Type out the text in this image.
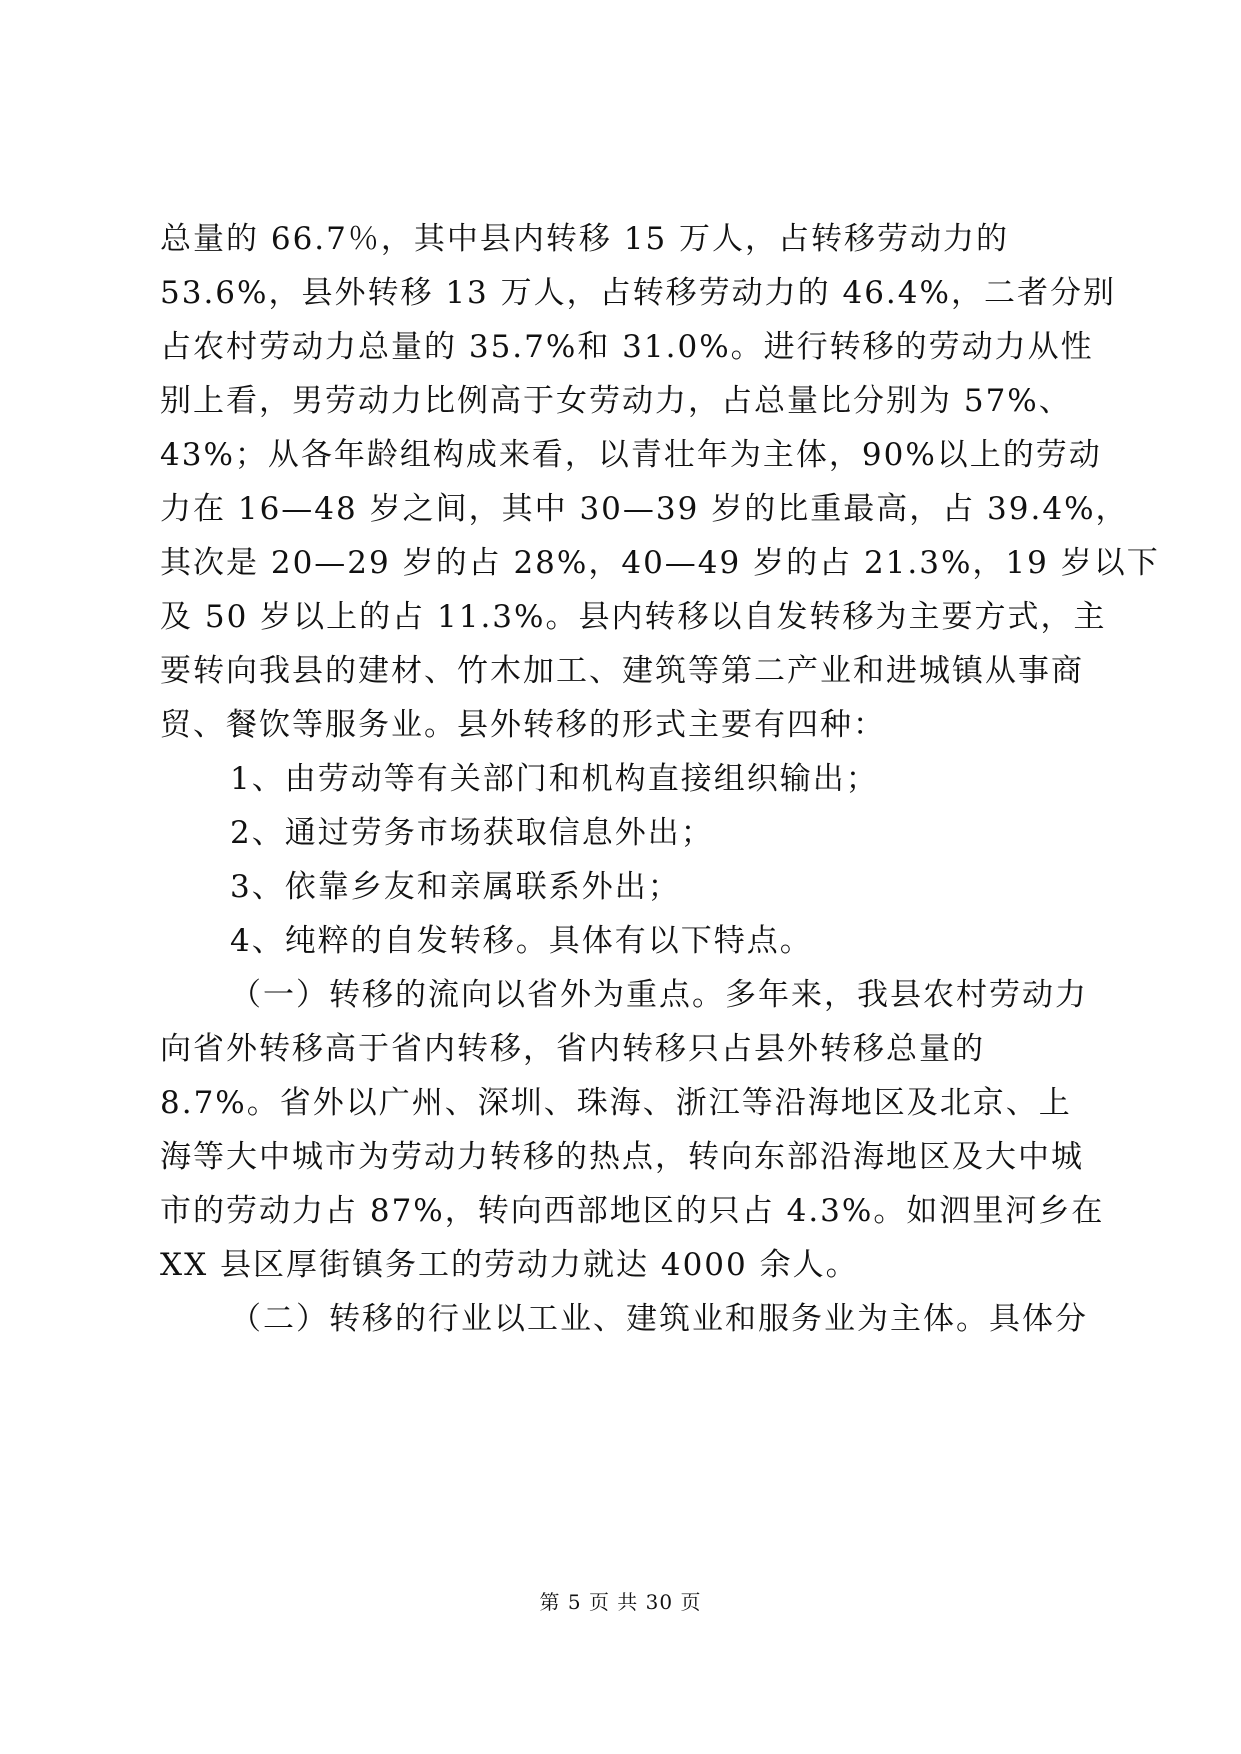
总量的 66.7％，其中县内转移 15 万人，占转移劳动力的
53.6%，县外转移 13 万人，占转移劳动力的 46.4%，二者分别
占农村劳动力总量的 35.7%和 31.0%。进行转移的劳动力从性
别上看，男劳动力比例高于女劳动力，占总量比分别为 57%、
43%；从各年龄组构成来看，以青壮年为主体，90%以上的劳动
力在 16—48 岁之间，其中 30—39 岁的比重最高，占 39.4%，
其次是 20—29 岁的占 28%，40—49 岁的占 21.3%，19 岁以下
及 50 岁以上的占 11.3%。县内转移以自发转移为主要方式，主
要转向我县的建材、竹木加工、建筑等第二产业和进城镇从事商
贸、餐饮等服务业。县外转移的形式主要有四种：
1、由劳动等有关部门和机构直接组织输出；
2、通过劳务市场获取信息外出；
3、依靠乡友和亲属联系外出；
4、纯粹的自发转移。具体有以下特点。
（一）转移的流向以省外为重点。多年来，我县农村劳动力
向省外转移高于省内转移，省内转移只占县外转移总量的
8.7%。省外以广州、深圳、珠海、浙江等沿海地区及北京、上
海等大中城市为劳动力转移的热点，转向东部沿海地区及大中城
市的劳动力占 87%，转向西部地区的只占 4.3%。如泗里河乡在
XX 县区厚街镇务工的劳动力就达 4000 余人。
（二）转移的行业以工业、建筑业和服务业为主体。具体分
第 5 页 共 30 页
